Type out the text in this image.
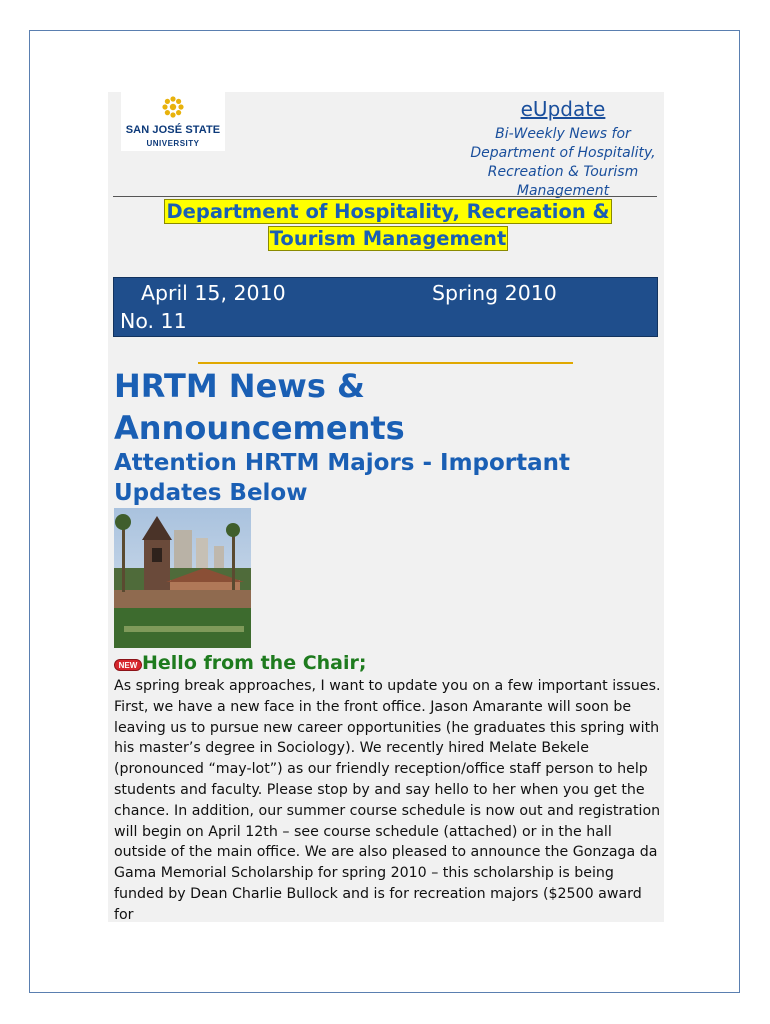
SAN JOSÉ STATE
UNIVERSITY
eUpdate
Bi-Weekly News for Department of Hospitality, Recreation & Tourism Management
Department of Hospitality, Recreation &
Tourism Management
April 15, 2010	Spring 2010
No. 11
HRTM News & Announcements
Attention HRTM Majors - Important Updates Below
NEW Hello from the Chair;
As spring break approaches, I want to update you on a few important issues. First, we have a new face in the front office. Jason Amarante will soon be leaving us to pursue new career opportunities (he graduates this spring with his master’s degree in Sociology). We recently hired Melate Bekele (pronounced “may-lot”) as our friendly reception/office staff person to help students and faculty. Please stop by and say hello to her when you get the chance. In addition, our summer course schedule is now out and registration will begin on April 12th – see course schedule (attached) or in the hall outside of the main office. We are also pleased to announce the Gonzaga da Gama Memorial Scholarship for spring 2010 – this scholarship is being funded by Dean Charlie Bullock and is for recreation majors ($2500 award for
